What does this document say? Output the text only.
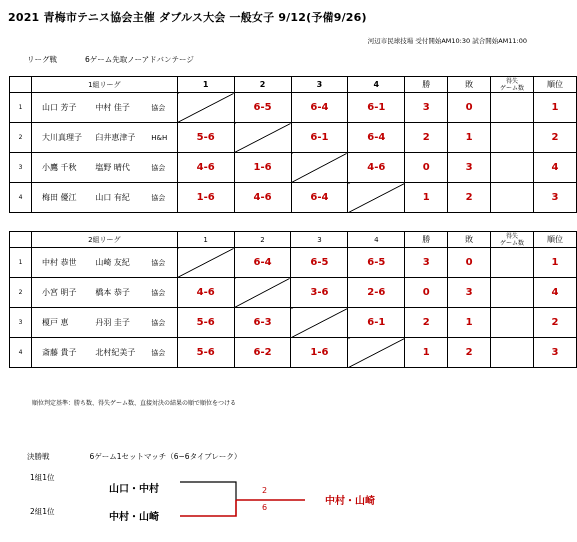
2021 青梅市テニス協会主催 ダブルス大会 一般女子 9/12(予備9/26)
河辺市民球技場 受付開始AM10:30 試合開始AM11:00
リーグ戦	6ゲーム先取ノーアドバンテージ
	1組リーグ			1	2	3	4	勝	敗	得失
ゲーム数	順位
1	山口 芳子	中村 佳子	協会		6-5	6-4	6-1	3	0		1
2	大川真理子	臼井恵津子	H&H	5-6		6-1	6-4	2	1		2
3	小鷹 千秋	塩野 晴代	協会	4-6	1-6		4-6	0	3		4
4	梅田 優江	山口 有紀	協会	1-6	4-6	6-4		1	2		3
	2組リーグ			1	2	3	4	勝	敗	得失
ゲーム数	順位
1	中村 恭世	山崎 友紀	協会		6-4	6-5	6-5	3	0		1
2	小宮 明子	橋本 恭子	協会	4-6		3-6	2-6	0	3		4
3	榎戸 恵	丹羽 圭子	協会	5-6	6-3		6-1	2	1		2
4	斎藤 貴子	北村紀美子	協会	5-6	6-2	1-6		1	2		3
順位判定基準：勝ち数、得失ゲーム数、直接対決の結果の順で順位をつける
決勝戦	6ゲーム1セットマッチ（6−6タイブレーク）
1組1位
2組1位
山口・中村
中村・山崎
2
6
中村・山崎
